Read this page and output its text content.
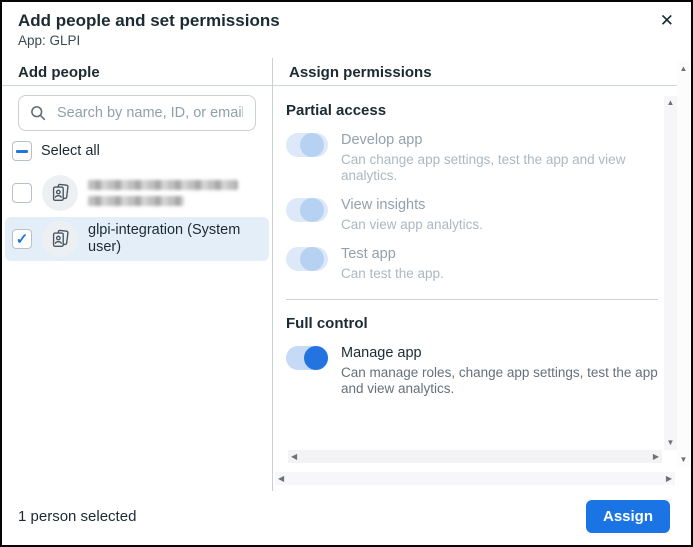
Add people and set permissions
App: GLPI
✕
Add people
Search by name, ID, or email
Select all
✓
glpi-integration (System user)
Assign permissions
Partial access
Develop app
Can change app settings, test the app and view analytics.
View insights
Can view app analytics.
Test app
Can test the app.
Full control
Manage app
Can manage roles, change app settings, test the app and view analytics.
▲
▼
◀	▶
▲
▼
◀	▶
1 person selected	Assign
